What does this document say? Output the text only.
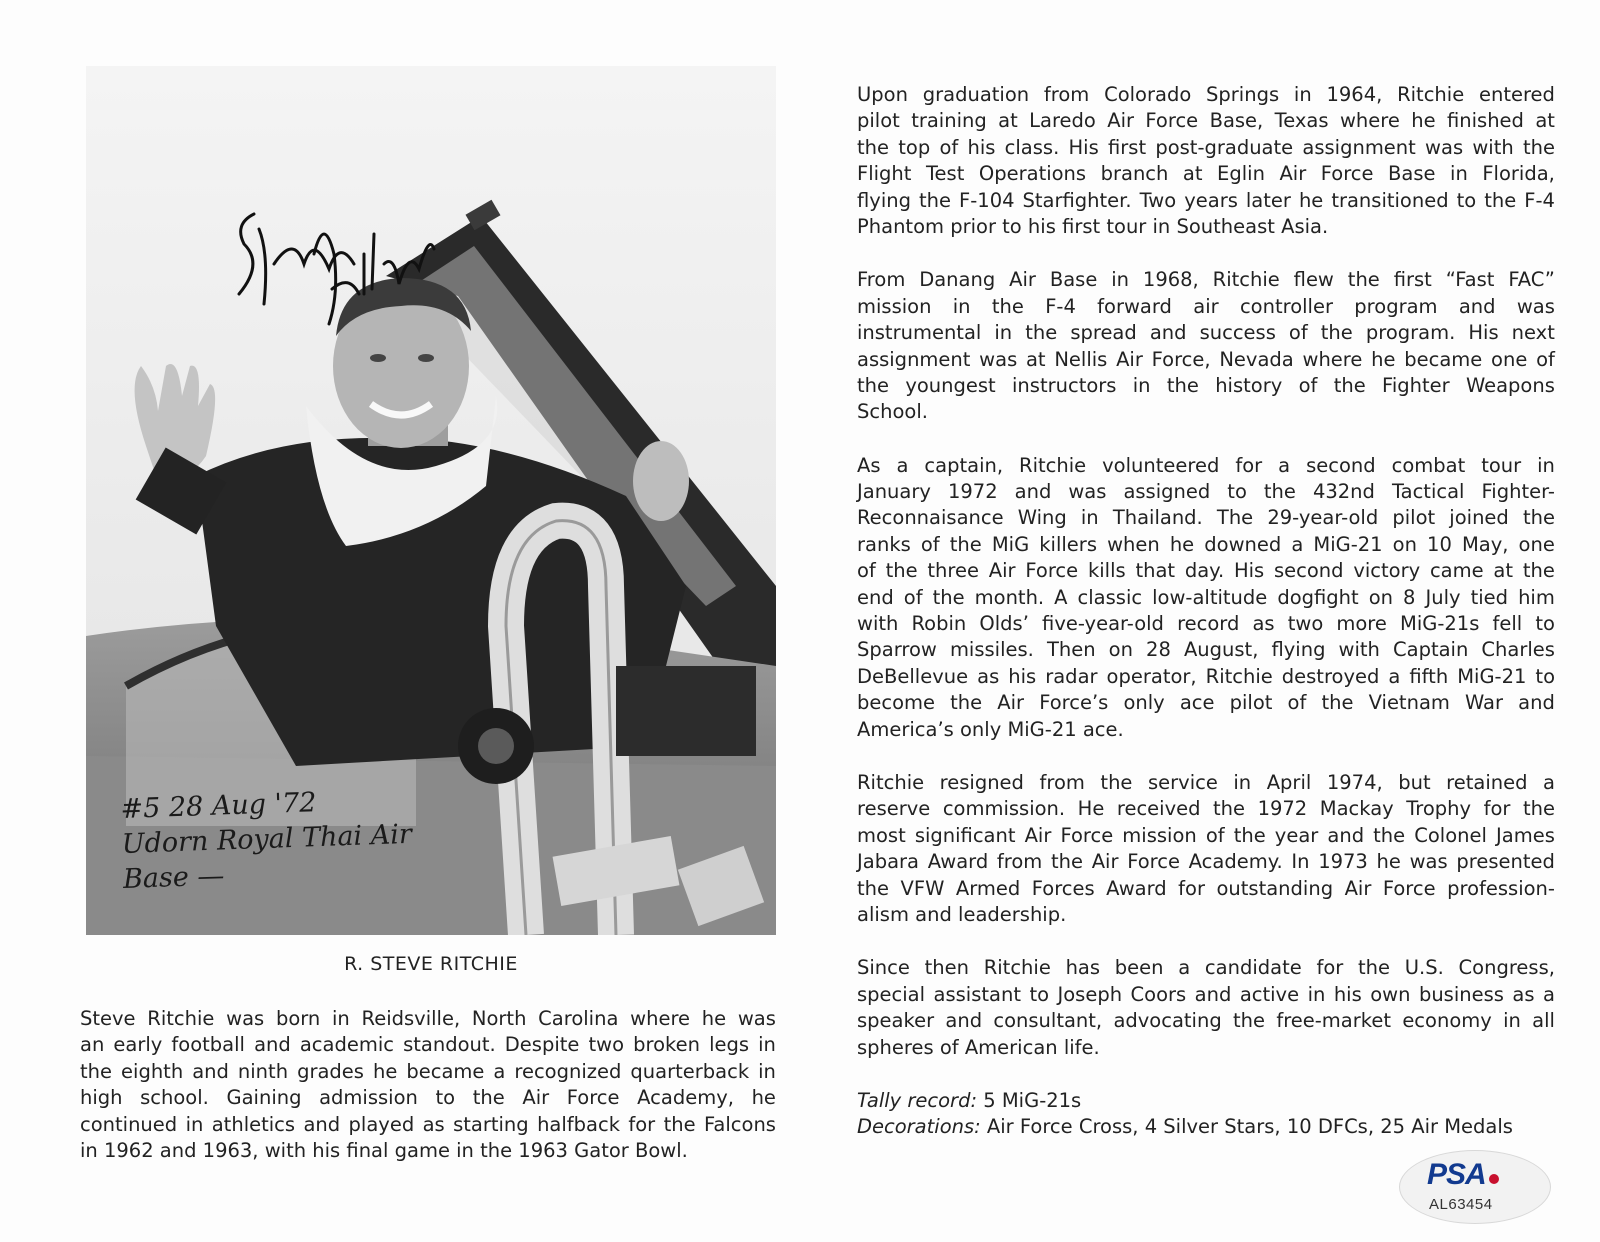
#5 28 Aug '72
Udorn Royal Thai Air
Base —
R. STEVE RITCHIE
Steve Ritchie was born in Reidsville, North Carolina where he was
an early football and academic standout. Despite two broken legs in
the eighth and ninth grades he became a recognized quarterback in
high school. Gaining admission to the Air Force Academy, he
continued in athletics and played as starting halfback for the Falcons
in 1962 and 1963, with his final game in the 1963 Gator Bowl.
Upon graduation from Colorado Springs in 1964, Ritchie entered
pilot training at Laredo Air Force Base, Texas where he finished at
the top of his class. His first post-graduate assignment was with the
Flight Test Operations branch at Eglin Air Force Base in Florida,
flying the F-104 Starfighter. Two years later he transitioned to the F-4
Phantom prior to his first tour in Southeast Asia.
From Danang Air Base in 1968, Ritchie flew the first “Fast FAC”
mission in the F-4 forward air controller program and was
instrumental in the spread and success of the program. His next
assignment was at Nellis Air Force, Nevada where he became one of
the youngest instructors in the history of the Fighter Weapons
School.
As a captain, Ritchie volunteered for a second combat tour in
January 1972 and was assigned to the 432nd Tactical Fighter-
Reconnaisance Wing in Thailand. The 29-year-old pilot joined the
ranks of the MiG killers when he downed a MiG-21 on 10 May, one
of the three Air Force kills that day. His second victory came at the
end of the month. A classic low-altitude dogfight on 8 July tied him
with Robin Olds’ five-year-old record as two more MiG-21s fell to
Sparrow missiles. Then on 28 August, flying with Captain Charles
DeBellevue as his radar operator, Ritchie destroyed a fifth MiG-21 to
become the Air Force’s only ace pilot of the Vietnam War and
America’s only MiG-21 ace.
Ritchie resigned from the service in April 1974, but retained a
reserve commission. He received the 1972 Mackay Trophy for the
most significant Air Force mission of the year and the Colonel James
Jabara Award from the Air Force Academy. In 1973 he was presented
the VFW Armed Forces Award for outstanding Air Force profession-
alism and leadership.
Since then Ritchie has been a candidate for the U.S. Congress,
special assistant to Joseph Coors and active in his own business as a
speaker and consultant, advocating the free-market economy in all
spheres of American life.
Tally record: 5 MiG-21s
Decorations: Air Force Cross, 4 Silver Stars, 10 DFCs, 25 Air Medals
PSA
AL63454
